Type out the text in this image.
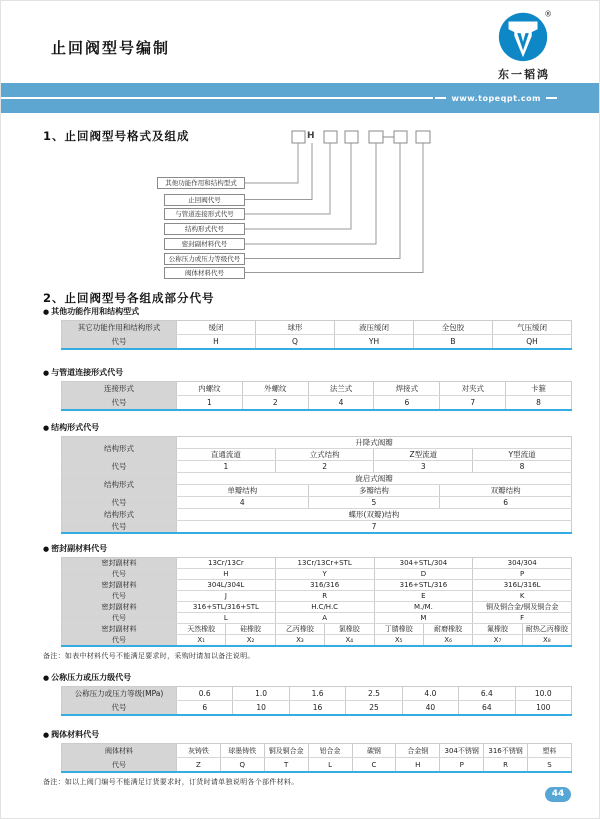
止回阀型号编制
®
东一韬鸿
www.topeqpt.com
1、止回阀型号格式及组成
其他功能作用和结构型式
止回阀代号
与管道连接形式代号
结构形式代号
密封副材料代号
公称压力或压力等级代号
阀体材料代号
H
2、止回阀型号各组成部分代号
● 其他功能作用和结构型式
其它功能作用和结构形式	缓闭	球形	液压缓闭	全包胶	气压缓闭
代号	H	Q	YH	B	QH
● 与管道连接形式代号
连接形式	内螺纹	外螺纹	法兰式	焊接式	对夹式	卡箍
代号	1	2	4	6	7	8
● 结构形式代号
结构形式	升降式阀瓣					
	直通流道	立式结构		Z型流道		Y型流道
代号	1	2		3		8
结构形式	旋启式阀瓣					
	单瓣结构		多瓣结构		双瓣结构	
代号	4		5		6	
结构形式	蝶形(双瓣)结构					
代号	7					
● 密封副材料代号
密封副材料	13Cr/13Cr		13Cr/13Cr+STL		304+STL/304		304/304	
代号	H		Y		D		P	
密封副材料	304L/304L		316/316		316+STL/316		316L/316L	
代号	J		R		E		K	
密封副材料	316+STL/316+STL		H.C/H.C		M./M.		铜及铜合金/铜及铜合金	
代号	L		A		M		F	
密封副材料	天然橡胶	硅橡胶	乙丙橡胶	氯橡胶	丁腈橡胶	耐磨橡胶	氟橡胶	耐热乙丙橡胶
代号	X₁	X₂	X₃	X₄	X₅	X₆	X₇	X₈
备注：如表中材料代号不能满足要求时，采购时请加以备注说明。
● 公称压力或压力级代号
公称压力或压力等级(MPa)	0.6	1.0	1.6	2.5	4.0	6.4	10.0
代号	6	10	16	25	40	64	100
● 阀体材料代号
阀体材料	灰铸铁	球墨铸铁	铜及铜合金	铝合金	碳钢	合金钢	304不锈钢	316不锈钢	塑料
代号	Z	Q	T	L	C	H	P	R	S
备注：如以上阀门编号不能满足订货要求时，订货时请单独说明各个部件材料。
44
